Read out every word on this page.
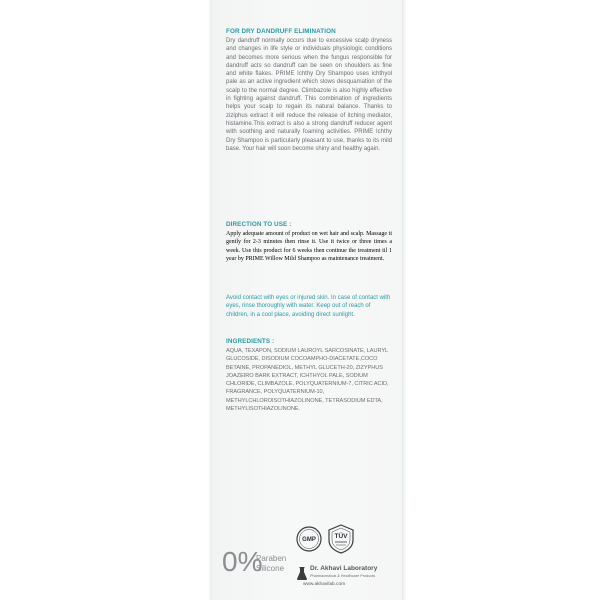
FOR DRY DANDRUFF ELIMINATION

Dry dandruff normally occurs due to excessive scalp dryness and changes in life style or individuals physiologic conditions and becomes more serious when the fungus responsible for dandruff acts so dandruff can be seen on shoulders as fine and white flakes. PRIME Ichthy Dry Shampoo uses ichthyol pale as an active ingredient which slows desquamation of the scalp to the normal degree. Climbazole is also highly effective in fighting against dandruff. This combination of ingredients helps your scalp to regain its natural balance. Thanks to ziziphus extract it will reduce the release of itching mediator, histamine.This extract is also a strong dandruff reducer agent with soothing and naturally foaming activities. PRIME Ichthy Dry Shampoo is particularly pleasant to use, thanks to its mild base. Your hair will soon become shiny and healthy again.

DIRECTION TO USE :

Apply adequate amount of product on wet hair and scalp. Massage it gently for 2-3 minutes then rinse it. Use it twice or three times a week. Use this product for 6 weeks then continue the treatment til 1 year by PRIME Willow Mild Shampoo as maintenance treatment.

Avoid contact with eyes or injured skin. In case of contact with eyes, rinse thoroughly with water. Keep out of reach of children, in a cool place, avoiding direct sunlight.

INGREDIENTS :

AQUA, TEXAPON, SODIUM LAUROYL SARCOSINATE, LAURYL GLUCOSIDE, DISODIUM COCOAMPHO-DIACETATE,COCO BETAINE, PROPANEDIOL, METHYL GLUCETH-20, ZIZYPHUS JOAZEIRO BARK EXTRACT, ICHTHYOL PALE, SODIUM CHLORIDE, CLIMBAZOLE, POLYQUATERNIUM-7, CITRIC ACID, FRAGRANCE, POLYQUATERNIUM-10, METHYLCHLOROISOTHIAZOLINONE, TETRASODIUM EDTA, METHYLISOTHIAZOLINONE.

0%
Paraben
Silicone
GMP	TÜV
Dr. Akhavi Laboratory
Pharmaceutical & Healthcare Products
www.akhavilab.com
